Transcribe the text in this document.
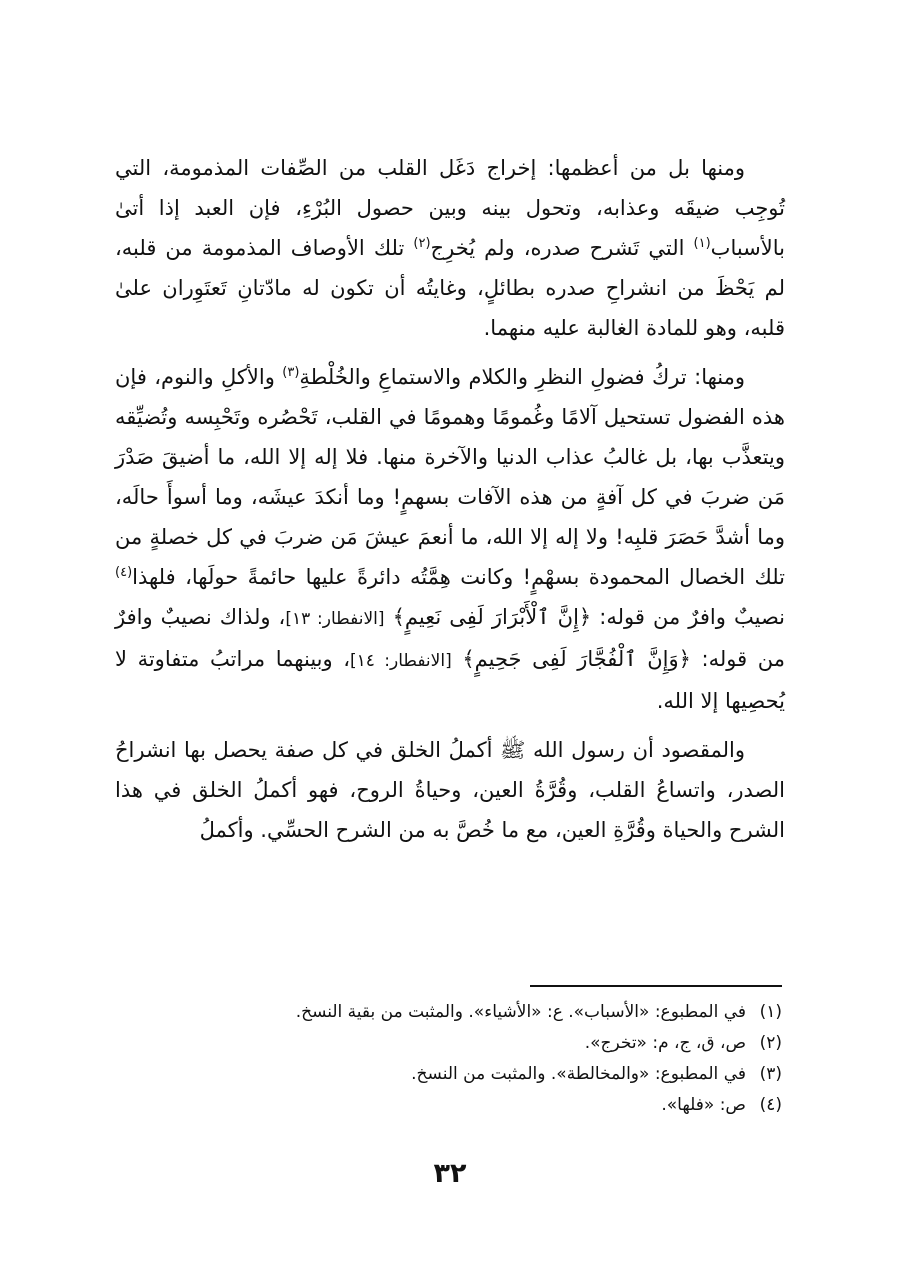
ومنها بل من أعظمها: إخراج دَغَل القلب من الصِّفات المذمومة، التي تُوجِب ضيقَه وعذابه، وتحول بينه وبين حصول البُرْءِ، فإن العبد إذا أتىٰ بالأسباب$^{(١)}$ التي تَشرح صدره، ولم يُخرِج$^{(٢)}$ تلك الأوصاف المذمومة من قلبه، لم يَحْظَ من انشراحِ صدره بطائلٍ، وغايتُه أن تكون له مادّتانِ تَعتَوِران علىٰ قلبه، وهو للمادة الغالبة عليه منهما.

ومنها: تركُ فضولِ النظرِ والكلام والاستماعِ والخُلْطةِ$^{(٣)}$ والأكلِ والنوم، فإن هذه الفضول تستحيل آلامًا وغُمومًا وهمومًا في القلب، تَحْصُره وتَحْبِسه وتُضيِّقه ويتعذَّب بها، بل غالبُ عذاب الدنيا والآخرة منها. فلا إله إلا الله، ما أضيقَ صَدْرَ مَن ضربَ في كل آفةٍ من هذه الآفات بسهمٍ! وما أنكدَ عيشَه، وما أسوأَ حالَه، وما أشدَّ حَصَرَ قلبِه! ولا إله إلا الله، ما أنعمَ عيشَ مَن ضربَ في كل خصلةٍ من تلك الخصال المحمودة بسهْمٍ! وكانت هِمَّتُه دائرةً عليها حائمةً حولَها، فلهذا$^{(٤)}$ نصيبٌ وافرٌ من قوله: ﴿إِنَّ ٱلْأَبْرَارَ لَفِى نَعِيمٍ﴾ [الانفطار: ١٣]، ولذاك نصيبٌ وافرٌ من قوله: ﴿وَإِنَّ ٱلْفُجَّارَ لَفِى جَحِيمٍ﴾ [الانفطار: ١٤]، وبينهما مراتبُ متفاوتة لا يُحصِيها إلا الله.

والمقصود أن رسول الله ﷺ أكملُ الخلق في كل صفة يحصل بها انشراحُ الصدر، واتساعُ القلب، وقُرَّةُ العين، وحياةُ الروح، فهو أكملُ الخلق في هذا الشرح والحياة وقُرَّةِ العين، مع ما خُصَّ به من الشرح الحسِّي. وأكملُ

(١)
في المطبوع: «الأسباب». ع: «الأشياء». والمثبت من بقية النسخ.
(٢)
ص، ق، ج، م: «تخرج».
(٣)
في المطبوع: «والمخالطة». والمثبت من النسخ.
(٤)
ص: «فلها».
٣٢
